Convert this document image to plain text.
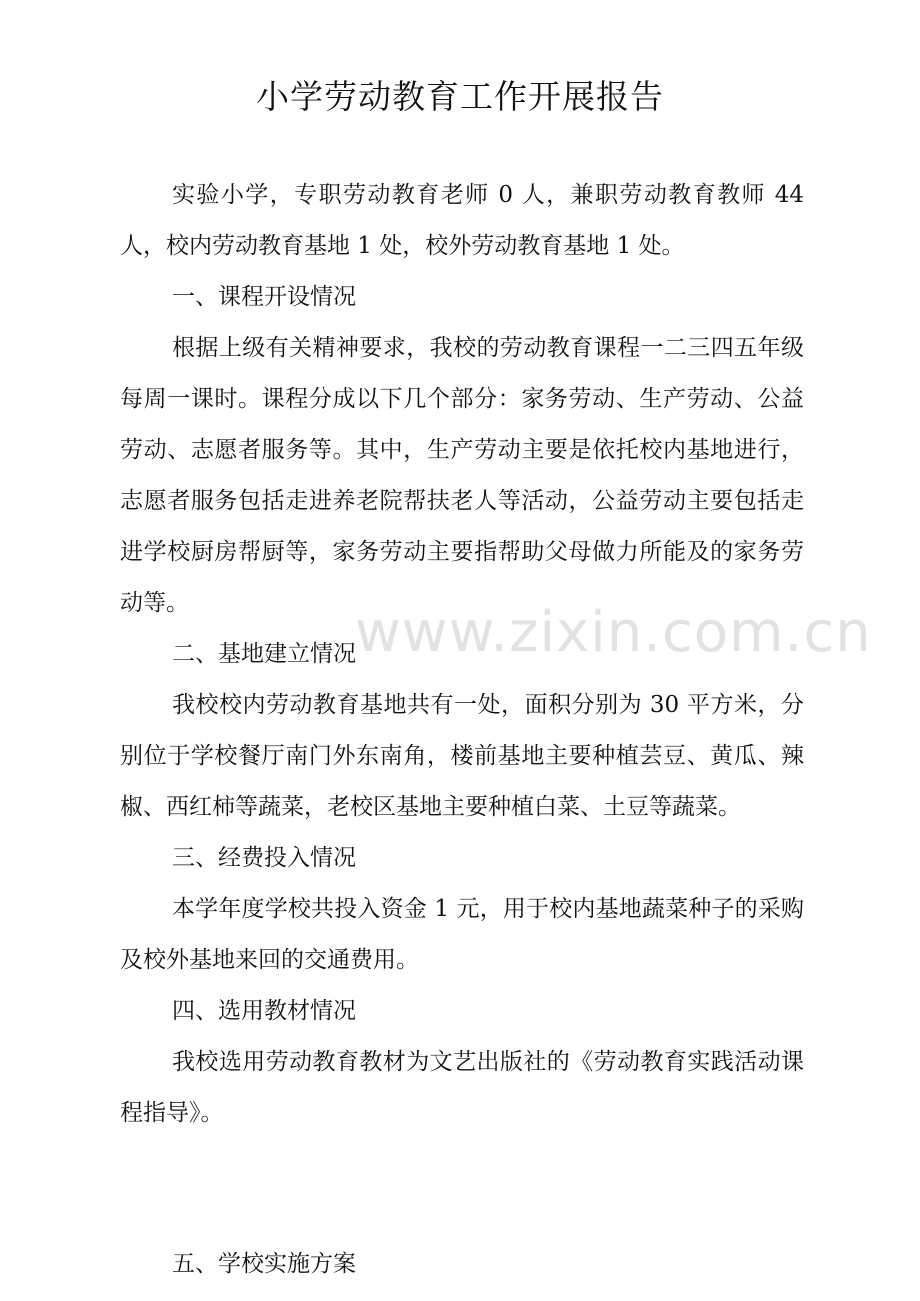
小学劳动教育工作开展报告

实验小学，专职劳动教育老师 0 人，兼职劳动教育教师 44 人，校内劳动教育基地 1 处，校外劳动教育基地 1 处。

一、课程开设情况

根据上级有关精神要求，我校的劳动教育课程一二三四五年级每周一课时。课程分成以下几个部分：家务劳动、生产劳动、公益劳动、志愿者服务等。其中，生产劳动主要是依托校内基地进行，志愿者服务包括走进养老院帮扶老人等活动，公益劳动主要包括走进学校厨房帮厨等，家务劳动主要指帮助父母做力所能及的家务劳动等。

二、基地建立情况

我校校内劳动教育基地共有一处，面积分别为 30 平方米，分别位于学校餐厅南门外东南角，楼前基地主要种植芸豆、黄瓜、辣椒、西红柿等蔬菜，老校区基地主要种植白菜、土豆等蔬菜。

三、经费投入情况

本学年度学校共投入资金 1 元，用于校内基地蔬菜种子的采购及校外基地来回的交通费用。

四、选用教材情况

我校选用劳动教育教材为文艺出版社的《劳动教育实践活动课程指导》。

五、学校实施方案

www.zixin.com.cn
